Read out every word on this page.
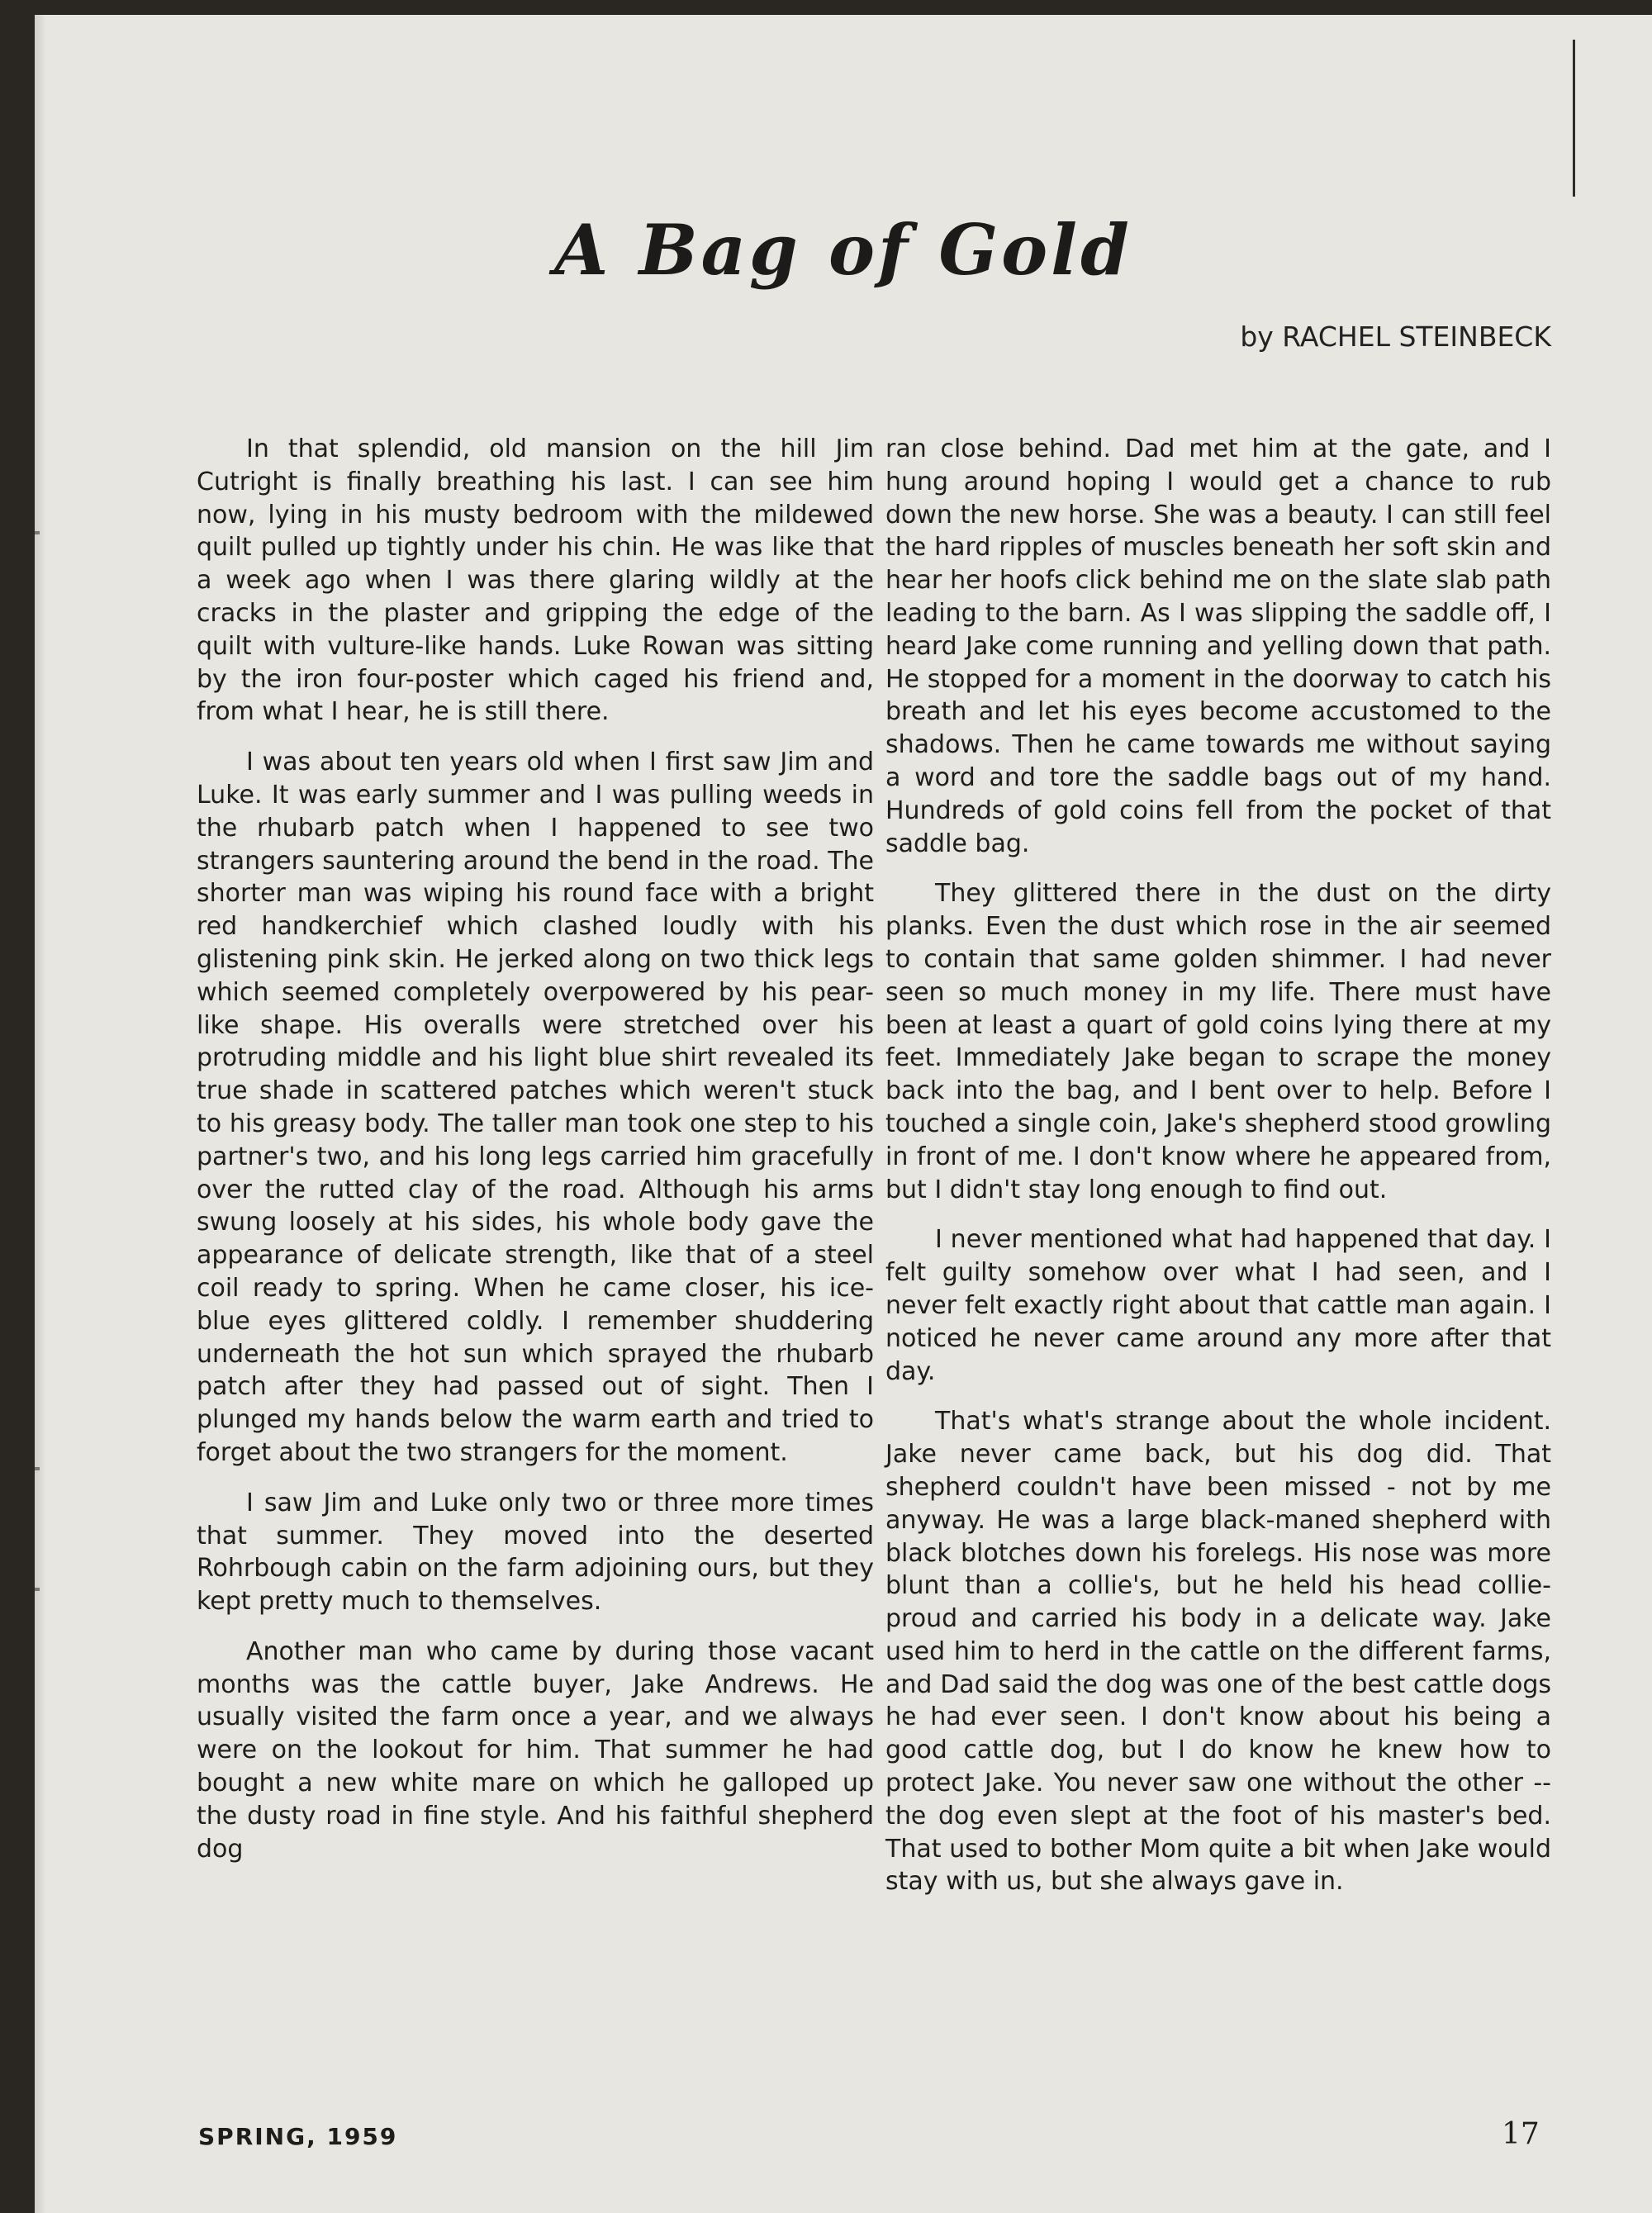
A Bag of Gold

by RACHEL STEINBECK

In that splendid, old mansion on the hill Jim Cutright is finally breathing his last. I can see him now, lying in his musty bedroom with the mildewed quilt pulled up tightly under his chin. He was like that a week ago when I was there glaring wildly at the cracks in the plaster and gripping the edge of the quilt with vulture-like hands. Luke Rowan was sitting by the iron four-poster which caged his friend and, from what I hear, he is still there.

I was about ten years old when I first saw Jim and Luke. It was early summer and I was pulling weeds in the rhubarb patch when I happened to see two strangers sauntering around the bend in the road. The shorter man was wiping his round face with a bright red handkerchief which clashed loudly with his glistening pink skin. He jerked along on two thick legs which seemed completely overpowered by his pear-like shape. His overalls were stretched over his protruding middle and his light blue shirt revealed its true shade in scattered patches which weren't stuck to his greasy body. The taller man took one step to his partner's two, and his long legs carried him gracefully over the rutted clay of the road. Although his arms swung loosely at his sides, his whole body gave the appearance of delicate strength, like that of a steel coil ready to spring. When he came closer, his ice-blue eyes glittered coldly. I remember shuddering underneath the hot sun which sprayed the rhubarb patch after they had passed out of sight. Then I plunged my hands below the warm earth and tried to forget about the two strangers for the moment.

I saw Jim and Luke only two or three more times that summer. They moved into the deserted Rohrbough cabin on the farm adjoining ours, but they kept pretty much to themselves.

Another man who came by during those vacant months was the cattle buyer, Jake Andrews. He usually visited the farm once a year, and we always were on the lookout for him. That summer he had bought a new white mare on which he galloped up the dusty road in fine style. And his faithful shepherd dog

ran close behind. Dad met him at the gate, and I hung around hoping I would get a chance to rub down the new horse. She was a beauty. I can still feel the hard ripples of muscles beneath her soft skin and hear her hoofs click behind me on the slate slab path leading to the barn. As I was slipping the saddle off, I heard Jake come running and yelling down that path. He stopped for a moment in the doorway to catch his breath and let his eyes become accustomed to the shadows. Then he came towards me without saying a word and tore the saddle bags out of my hand. Hundreds of gold coins fell from the pocket of that saddle bag.

They glittered there in the dust on the dirty planks. Even the dust which rose in the air seemed to contain that same golden shimmer. I had never seen so much money in my life. There must have been at least a quart of gold coins lying there at my feet. Immediately Jake began to scrape the money back into the bag, and I bent over to help. Before I touched a single coin, Jake's shepherd stood growling in front of me. I don't know where he appeared from, but I didn't stay long enough to find out.

I never mentioned what had happened that day. I felt guilty somehow over what I had seen, and I never felt exactly right about that cattle man again. I noticed he never came around any more after that day.

That's what's strange about the whole incident. Jake never came back, but his dog did. That shepherd couldn't have been missed - not by me anyway. He was a large black-maned shepherd with black blotches down his forelegs. His nose was more blunt than a collie's, but he held his head collie-proud and carried his body in a delicate way. Jake used him to herd in the cattle on the different farms, and Dad said the dog was one of the best cattle dogs he had ever seen. I don't know about his being a good cattle dog, but I do know he knew how to protect Jake. You never saw one without the other -- the dog even slept at the foot of his master's bed. That used to bother Mom quite a bit when Jake would stay with us, but she always gave in.

SPRING, 1959	17
